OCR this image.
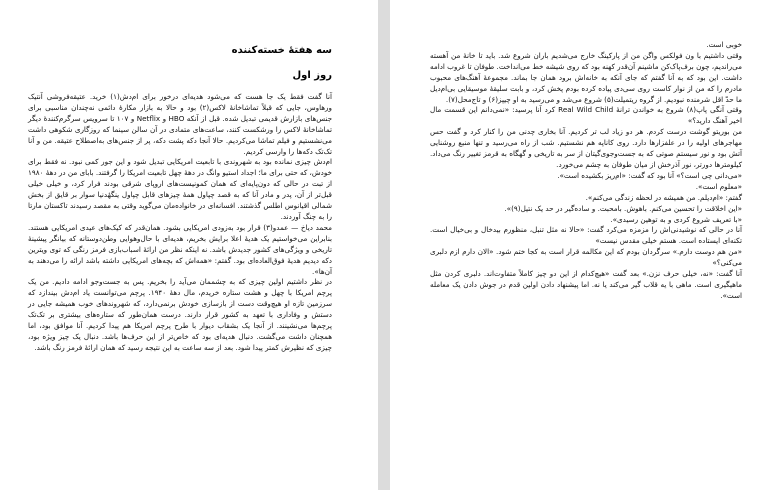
سه هفتهٔ خسته‌کننده
روز اول

آنا گفت فقط یک جا هست که می‌شود هدیه‌ای درخور برای ام‌دش(۱) خرید. عتیقه‌فروشی آنتیک ورهاوس، جایی که قبلاً تماشاخانهٔ لاکس(۲) بود و حالا به بازار مکارهٔ دائمی نه‌چندان مناسبی برای جنس‌های بازارش قدیمی تبدیل شده. قبل از آنکه HBO و Netflix و ۱۰۷ تا سرویس سرگرم‌کنندهٔ دیگر تماشاخانهٔ لاکس را ورشکست کنند، ساعت‌های متمادی در آن سالن سینما که روزگاری شکوهی داشت می‌نشستیم و فیلم تماشا می‌کردیم. حالا آنجا دکه پشت دکه، پر از جنس‌های به‌اصطلاح عتیقه. من و آنا تک‌تک دکه‌ها را وارسی کردیم.

ام‌دش چیزی نمانده بود به شهروندی با تابعیت امریکایی تبدیل شود و این جور کمی نبود. نه فقط برای خودش، که حتی برای ما؛ اجداد استیو وانگ در دههٔ چهل تابعیت امریکا را گرفتند. بابای من در دههٔ ۱۹۸۰ از تبت در حالی که دون‌پایه‌ای که همان کمونیست‌های اروپای شرقی بودند فرار کرد، و خیلی خیلی قبل‌تر از آن، پدر و مادر آنا که به قصد چپاول همهٔ چیزهای قابل چپاول ینگهٔدنیا سوار بر قایق از بخش شمالی اقیانوس اطلس گذشتند. افسانه‌ای در خانواده‌مان می‌گوید وقتی به مقصد رسیدند تاکستان مارتا را به چنگ آوردند.

محمد دیاخ — عمدو(۳) قرار بود به‌زودی امریکایی بشود. همان‌قدر که کیک‌های عیدی امریکایی هستند. بنابراین می‌خواستیم یک هدیهٔ اعلا برایش بخریم، هدیه‌ای با حال‌وهوایی وطن‌دوستانه که بیانگر پیشینهٔ تاریخی و ویژگی‌های کشور جدیدش باشد. نه اینکه نظر من ارائهٔ اسباب‌بازی فرمز رنگی که توی ویترین دکه دیدیم هدیهٔ فوق‌العاده‌ای بود. گفتم: «همه‌اش که بچه‌های امریکایی داشته باشد ارائه را می‌دهند به آن‌ها».

در نظر داشتیم اولین چیزی که به چشممان می‌آید را بخریم. پس به جست‌وجو ادامه دادیم. من یک پرچم امریکا با چهل و هشت ستاره خریدم، مال دههٔ ۱۹۴۰. پرچم می‌توانست یاد ام‌دش بیندازد که سرزمین تازه او هیچ‌وقت دست از بازسازی خودش برنمی‌دارد، که شهروندهای خوب همیشه جایی در دستش و وفاداری با تعهد به کشور قرار دارند. درست همان‌طور که ستاره‌های بیشتری بر تک‌تک پرچم‌ها می‌نشینند. از آنجا یک بشقاب دیوار با طرح پرچم امریکا هم پیدا کردیم. آنا موافق بود، اما همچنان داشت می‌گشت. دنبال هدیه‌ای بود که خاص‌تر از این حرف‌ها باشد. دنبال یک چیز ویژه بود، چیزی که نظیرش کمتر پیدا شود. بعد از سه ساعت به این نتیجه رسید که همان ارائهٔ فرمز رنگ باشد.

خوبی است.

وقتی داشتیم با ون فولکس واگن من از پارکینگ خارج می‌شدیم باران شروع شد. باید تا خانهٔ من آهسته می‌راندیم، چون برف‌پاک‌کن ماشینم آن‌قدر کهنه بود که روی شیشه خط می‌انداخت. طوفان تا غروب ادامه داشت. این بود که به آنا گفتم که جای آنکه به خانه‌اش برود همان جا بماند. مجموعهٔ آهنگ‌های محبوب مادرم را که من از نوار کاست روی سی‌دی پیاده کرده بودم پخش کرد، و بابت سلیقهٔ موسیقایی بی‌ام‌دیل ما حدّ اقل شرمنده نبودیم. از گروه ریتمیلت(۵) شروع می‌شد و می‌رسید به او چیپز(۶) و تاج‌محل(۷).

وقتی آنگی پاپ(۸) شروع به خواندن ترانهٔ Real Wild Child کرد آنا پرسید: «نمی‌دانم این قسمت مال اخیر آهنگ دارید؟»

من بوریتو گوشت درست کردم. هر دو زیاد لب تر کردیم. آنا بخاری چدنی من را کنار کرد و گفت حس مهاجرهای اولیه را در علفزارها دارد. روی کاناپه هم نشستیم. شب از راه می‌رسید و تنها منبع روشنایی آتش بود و نور سیستم صوتی که به جست‌وجوی‌گیتان از سر به تاریخی و گهگاه به قرمز تغییر رنگ می‌داد. کیلومترها دورتر، نور آذرخش از میان طوفان به چشم می‌خورد.

«می‌دانی چی است؟» آنا بود که گفت: «ام‌ریز بکشیده است».

«معلوم است».

گفتم: «ام‌دیلم. من همیشه در لحظه زندگی می‌کنم».

«این اخلاقت را تحسین می‌کنم. باهوش. بامحبت. و ساده‌گیر در حد یک نتیل(۹)».

«با تعریف شروع کردی و به توهین رسیدی».

آنا در حالی که نوشیدنی‌اش را مزمزه می‌کرد گفت: «حالا نه مثل تنبل، منظورم بیدخال و بی‌خیال است. تکنه‌ای ایستاده است. هستم خیلی مقدس نیست»

«من هم دوست دارم.» سرگردان بودم که این مکالمه قرار است به کجا ختم شود. «الان دارم ازم دلبری می‌کنی؟»

آنا گفت: «نه، خیلی حرف نزن.» بعد گفت «هیچ‌کدام از این دو چیز کاملاً متفاوت‌اند. دلبری کردن مثل ماهیگیری است. ماهی با یه قلاب گیر می‌کند یا نه. اما پیشنهاد دادن اولین قدم در جوش دادن یک معامله است».
